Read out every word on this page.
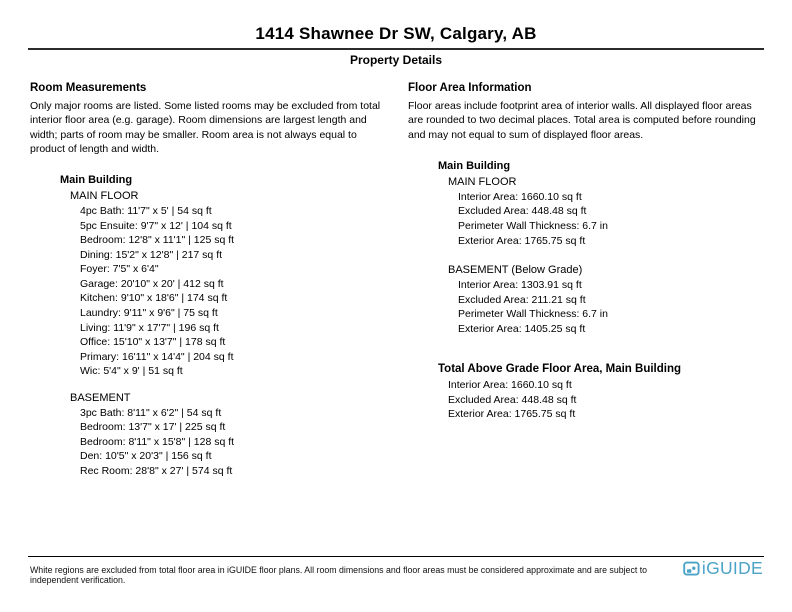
1414 Shawnee Dr SW, Calgary, AB
Property Details
Room Measurements

Only major rooms are listed. Some listed rooms may be excluded from total interior floor area (e.g. garage). Room dimensions are largest length and width; parts of room may be smaller. Room area is not always equal to product of length and width.

Main Building
MAIN FLOOR
4pc Bath: 11'7" x 5' | 54 sq ft
5pc Ensuite: 9'7" x 12' | 104 sq ft
Bedroom: 12'8" x 11'1" | 125 sq ft
Dining: 15'2" x 12'8" | 217 sq ft
Foyer: 7'5" x 6'4"
Garage: 20'10" x 20' | 412 sq ft
Kitchen: 9'10" x 18'6" | 174 sq ft
Laundry: 9'11" x 9'6" | 75 sq ft
Living: 11'9" x 17'7" | 196 sq ft
Office: 15'10" x 13'7" | 178 sq ft
Primary: 16'11" x 14'4" | 204 sq ft
Wic: 5'4" x 9' | 51 sq ft
BASEMENT
3pc Bath: 8'11" x 6'2" | 54 sq ft
Bedroom: 13'7" x 17' | 225 sq ft
Bedroom: 8'11" x 15'8" | 128 sq ft
Den: 10'5" x 20'3" | 156 sq ft
Rec Room: 28'8" x 27' | 574 sq ft
Floor Area Information

Floor areas include footprint area of interior walls. All displayed floor areas are rounded to two decimal places. Total area is computed before rounding and may not equal to sum of displayed floor areas.

Main Building
MAIN FLOOR
Interior Area: 1660.10 sq ft
Excluded Area: 448.48 sq ft
Perimeter Wall Thickness: 6.7 in
Exterior Area: 1765.75 sq ft
BASEMENT (Below Grade)
Interior Area: 1303.91 sq ft
Excluded Area: 211.21 sq ft
Perimeter Wall Thickness: 6.7 in
Exterior Area: 1405.25 sq ft
Total Above Grade Floor Area, Main Building
Interior Area: 1660.10 sq ft
Excluded Area: 448.48 sq ft
Exterior Area: 1765.75 sq ft
White regions are excluded from total floor area in iGUIDE floor plans. All room dimensions and floor areas must be considered approximate and are subject to independent verification.
iGUIDE
